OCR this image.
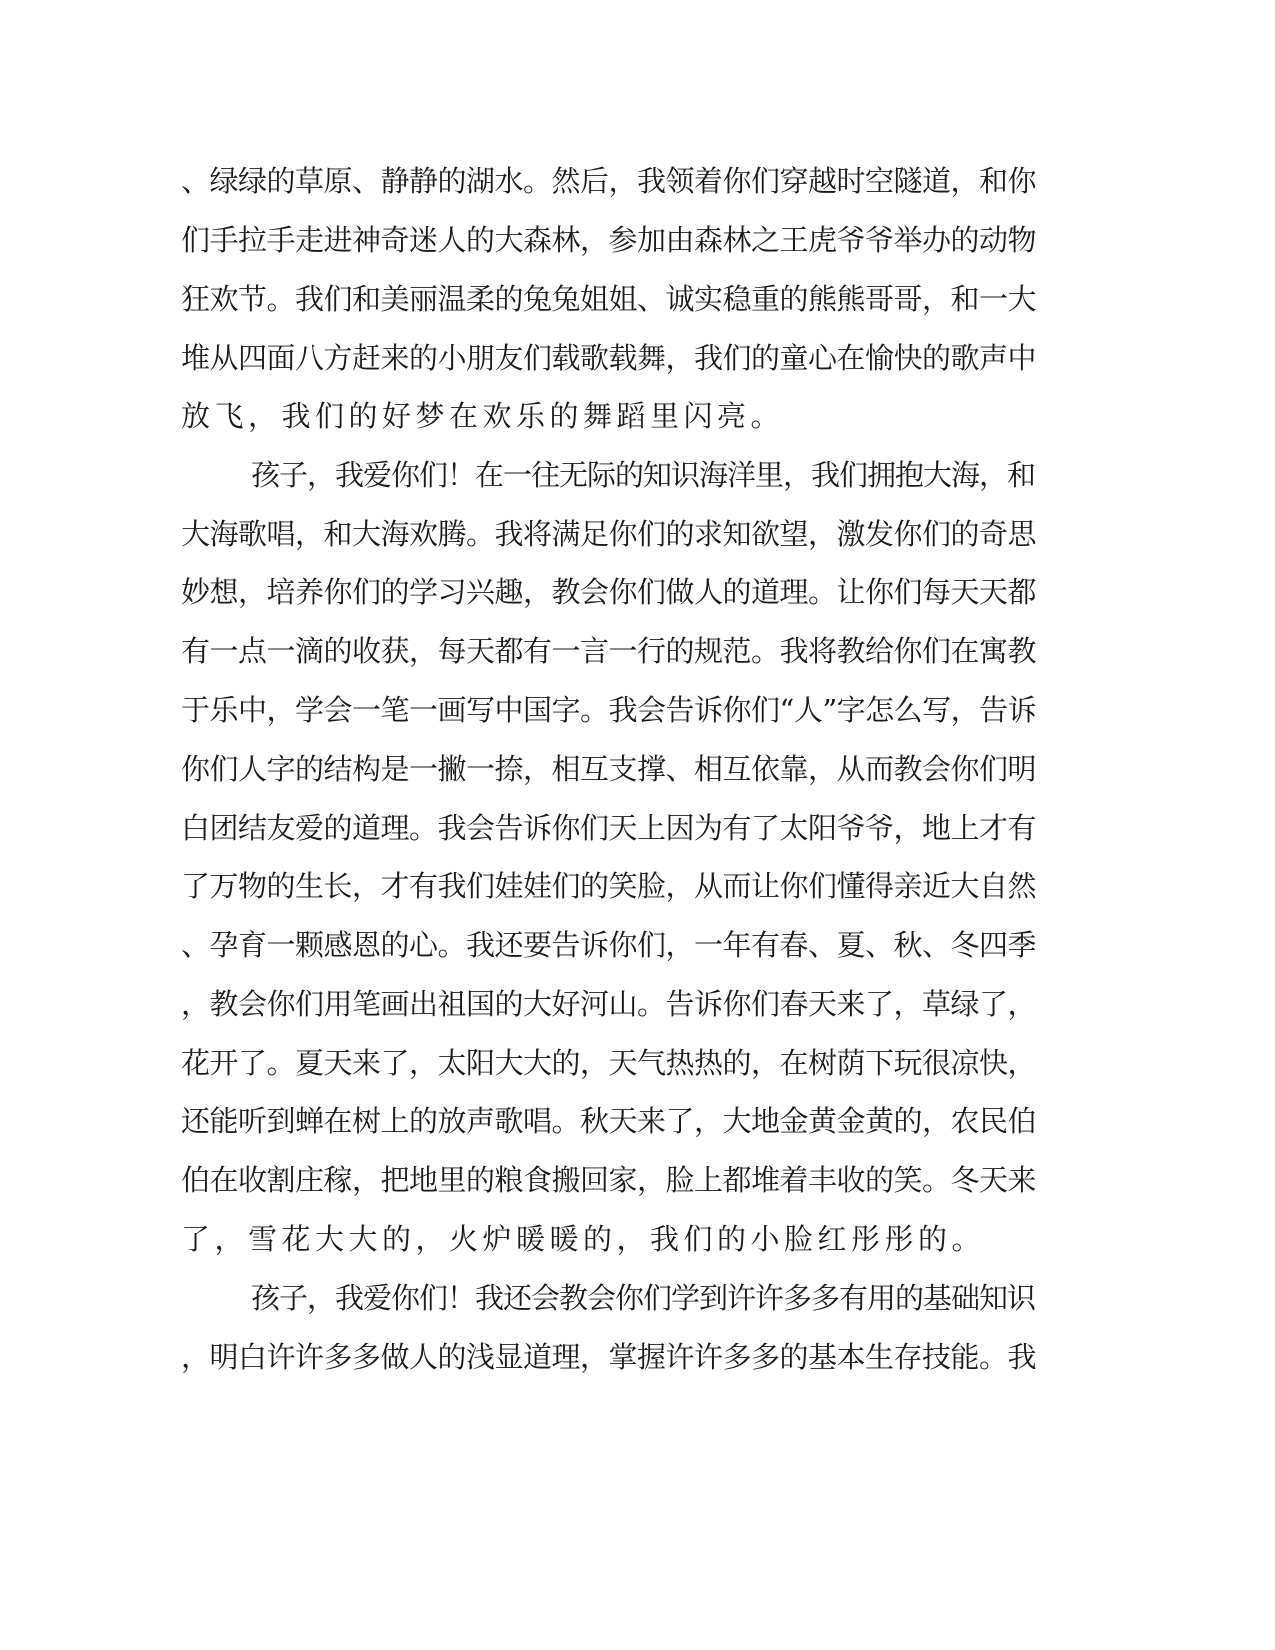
、绿绿的草原、静静的湖水。然后，我领着你们穿越时空隧道，和你
们手拉手走进神奇迷人的大森林，参加由森林之王虎爷爷举办的动物
狂欢节。我们和美丽温柔的兔兔姐姐、诚实稳重的熊熊哥哥，和一大
堆从四面八方赶来的小朋友们载歌载舞，我们的童心在愉快的歌声中
放飞，我们的好梦在欢乐的舞蹈里闪亮。
孩子，我爱你们！在一往无际的知识海洋里，我们拥抱大海，和
大海歌唱，和大海欢腾。我将满足你们的求知欲望，激发你们的奇思
妙想，培养你们的学习兴趣，教会你们做人的道理。让你们每天天都
有一点一滴的收获，每天都有一言一行的规范。我将教给你们在寓教
于乐中，学会一笔一画写中国字。我会告诉你们“人”字怎么写，告诉
你们人字的结构是一撇一捺，相互支撑、相互依靠，从而教会你们明
白团结友爱的道理。我会告诉你们天上因为有了太阳爷爷，地上才有
了万物的生长，才有我们娃娃们的笑脸，从而让你们懂得亲近大自然
、孕育一颗感恩的心。我还要告诉你们，一年有春、夏、秋、冬四季
，教会你们用笔画出祖国的大好河山。告诉你们春天来了，草绿了，
花开了。夏天来了，太阳大大的，天气热热的，在树荫下玩很凉快，
还能听到蝉在树上的放声歌唱。秋天来了，大地金黄金黄的，农民伯
伯在收割庄稼，把地里的粮食搬回家，脸上都堆着丰收的笑。冬天来
了，雪花大大的，火炉暖暖的，我们的小脸红彤彤的。
孩子，我爱你们！我还会教会你们学到许许多多有用的基础知识
，明白许许多多做人的浅显道理，掌握许许多多的基本生存技能。我
